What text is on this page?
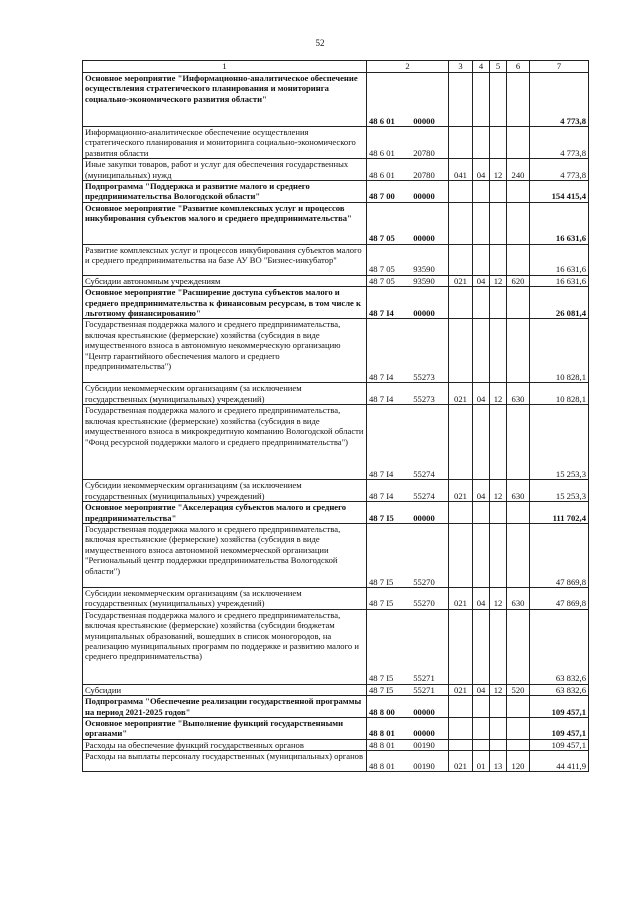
52
1	2	3	4	5	6	7
Основное мероприятие "Информационно-аналитическое обеспечение осуществления стратегического планирования и мониторинга социально-экономического развития области"	48 6 01 00000					4 773,8
Информационно-аналитическое обеспечение осуществления стратегического планирования и мониторинга социально-экономического развития области	48 6 01 20780					4 773,8
Иные закупки товаров, работ и услуг для обеспечения государственных (муниципальных) нужд	48 6 01 20780	041	04	12	240	4 773,8
Подпрограмма "Поддержка и развитие малого и среднего предпринимательства Вологодской области"	48 7 00 00000					154 415,4
Основное мероприятие "Развитие комплексных услуг и процессов инкубирования субъектов малого и среднего предпринимательства"	48 7 05 00000					16 631,6
Развитие комплексных услуг и процессов инкубирования субъектов малого и среднего предпринимательства на базе АУ ВО "Бизнес-инкубатор"	48 7 05 93590					16 631,6
Субсидии автономным учреждениям	48 7 05 93590	021	04	12	620	16 631,6
Основное мероприятие "Расширение доступа субъектов малого и среднего предпринимательства к финансовым ресурсам, в том числе к льготному финансированию"	48 7 I4 00000					26 081,4
Государственная поддержка малого и среднего предпринимательства, включая крестьянские (фермерские) хозяйства (субсидия в виде имущественного взноса в автономную некоммерческую организацию "Центр гарантийного обеспечения малого и среднего предпринимательства")	48 7 I4 55273					10 828,1
Субсидии некоммерческим организациям (за исключением государственных (муниципальных) учреждений)	48 7 I4 55273	021	04	12	630	10 828,1
Государственная поддержка малого и среднего предпринимательства, включая крестьянские (фермерские) хозяйства (субсидия в виде имущественного взноса в микрокредитную компанию Вологодской области "Фонд ресурсной поддержки малого и среднего предпринимательства")	48 7 I4 55274					15 253,3
Субсидии некоммерческим организациям (за исключением государственных (муниципальных) учреждений)	48 7 I4 55274	021	04	12	630	15 253,3
Основное мероприятие "Акселерация субъектов малого и среднего предпринимательства"	48 7 I5 00000					111 702,4
Государственная поддержка малого и среднего предпринимательства, включая крестьянские (фермерские) хозяйства (субсидия в виде имущественного взноса автономной некоммерческой организации "Региональный центр поддержки предпринимательства Вологодской области")	48 7 I5 55270					47 869,8
Субсидии некоммерческим организациям (за исключением государственных (муниципальных) учреждений)	48 7 I5 55270	021	04	12	630	47 869,8
Государственная поддержка малого и среднего предпринимательства, включая крестьянские (фермерские) хозяйства (субсидии бюджетам муниципальных образований, вошедших в список моногородов, на реализацию муниципальных программ по поддержке и развитию малого и среднего предпринимательства)	48 7 I5 55271					63 832,6
Субсидии	48 7 I5 55271	021	04	12	520	63 832,6
Подпрограмма "Обеспечение реализации государственной программы на период 2021-2025 годов"	48 8 00 00000					109 457,1
Основное мероприятие "Выполнение функций государственными органами"	48 8 01 00000					109 457,1
Расходы на обеспечение функций государственных органов	48 8 01 00190					109 457,1
Расходы на выплаты персоналу государственных (муниципальных) органов	48 8 01 00190	021	01	13	120	44 411,9
